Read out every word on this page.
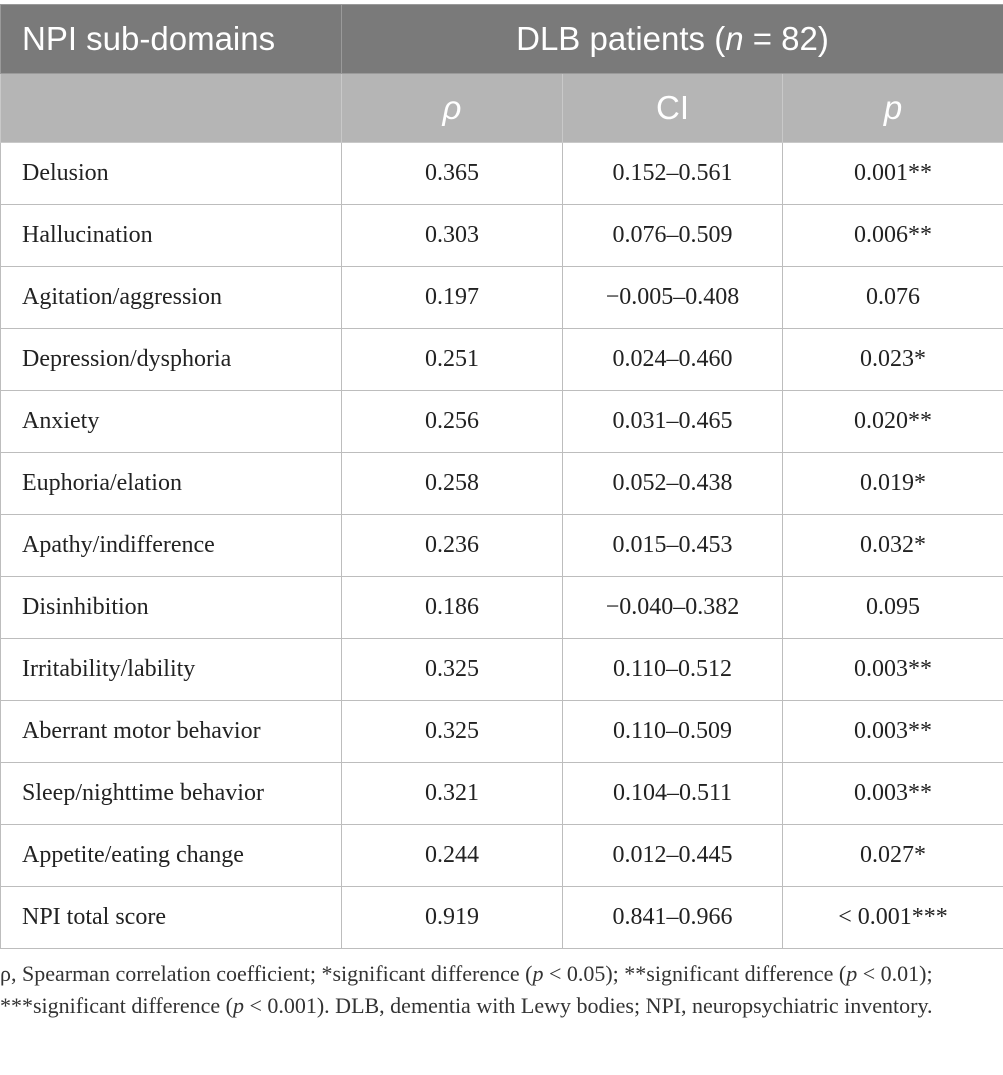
NPI sub-domains	DLB patients (n = 82)		
	ρ	CI	p
Delusion	0.365	0.152–0.561	0.001**
Hallucination	0.303	0.076–0.509	0.006**
Agitation/aggression	0.197	−0.005–0.408	0.076
Depression/dysphoria	0.251	0.024–0.460	0.023*
Anxiety	0.256	0.031–0.465	0.020**
Euphoria/elation	0.258	0.052–0.438	0.019*
Apathy/indifference	0.236	0.015–0.453	0.032*
Disinhibition	0.186	−0.040–0.382	0.095
Irritability/lability	0.325	0.110–0.512	0.003**
Aberrant motor behavior	0.325	0.110–0.509	0.003**
Sleep/nighttime behavior	0.321	0.104–0.511	0.003**
Appetite/eating change	0.244	0.012–0.445	0.027*
NPI total score	0.919	0.841–0.966	< 0.001***
ρ, Spearman correlation coefficient; *significant difference (p < 0.05); **significant difference (p < 0.01); ***significant difference (p < 0.001). DLB, dementia with Lewy bodies; NPI, neuropsychiatric inventory.
